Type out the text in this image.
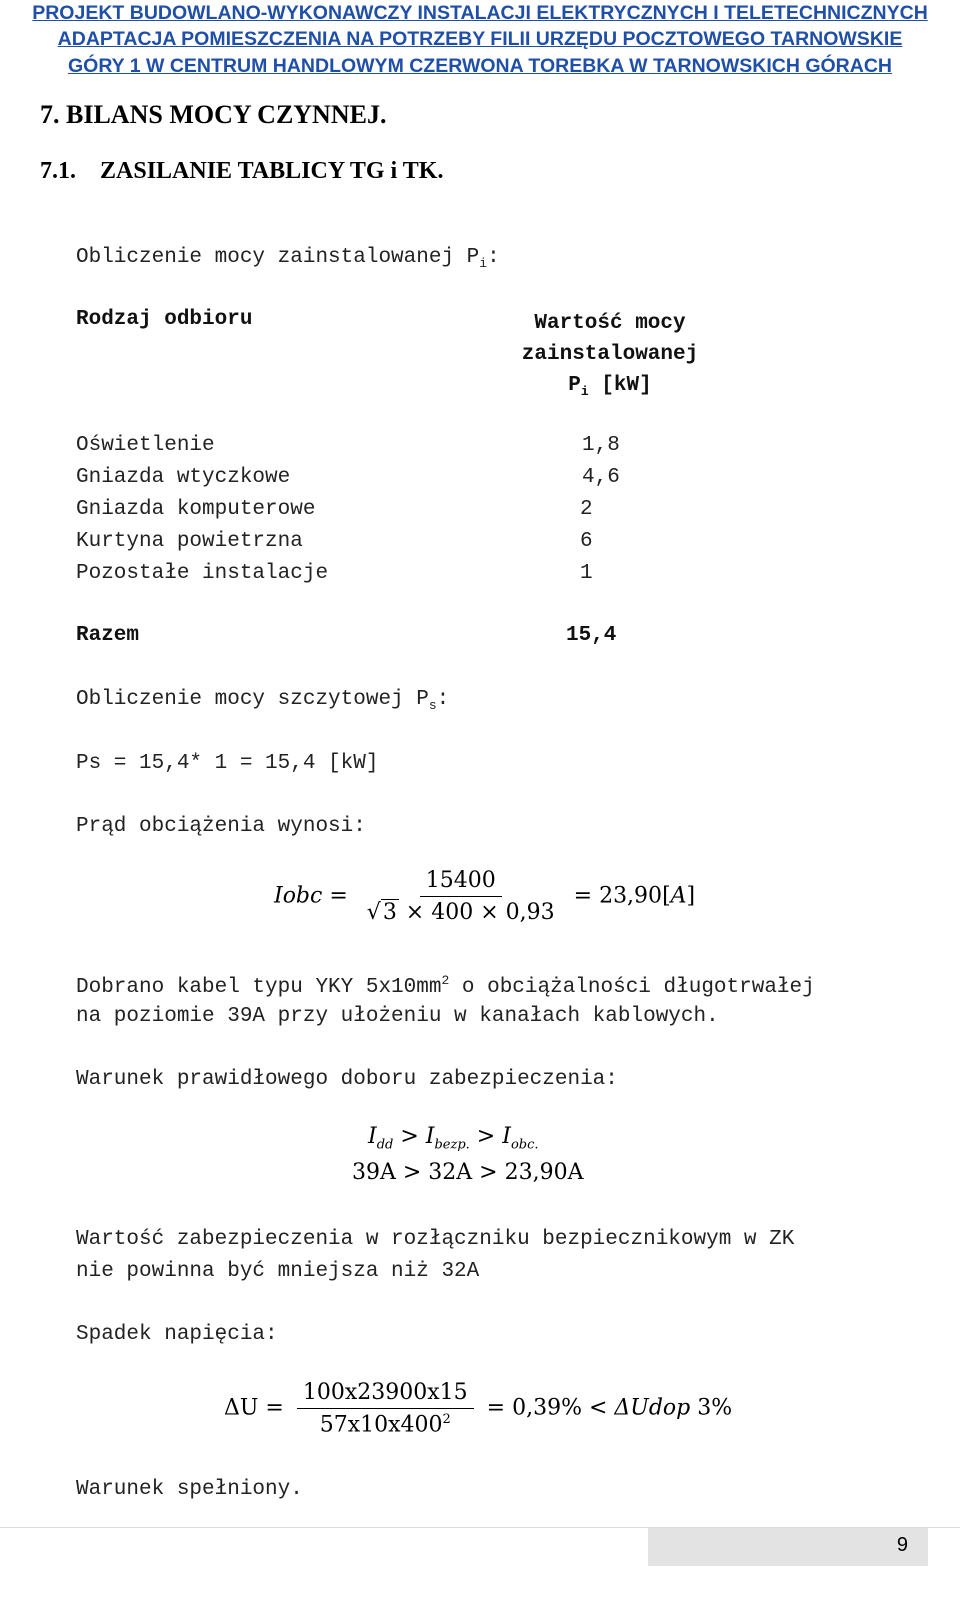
PROJEKT BUDOWLANO-WYKONAWCZY INSTALACJI ELEKTRYCZNYCH I TELETECHNICZNYCH
ADAPTACJA POMIESZCZENIA NA POTRZEBY FILII URZĘDU POCZTOWEGO TARNOWSKIE
GÓRY 1 W CENTRUM HANDLOWYM CZERWONA TOREBKA W TARNOWSKICH GÓRACH
7. BILANS MOCY CZYNNEJ.
7.1.    ZASILANIE TABLICY TG i TK.
Obliczenie mocy zainstalowanej $P_i$:
Rodzaj odbioru	Wartość mocy
zainstalowanej
$P_i$ [kW]
Oświetlenie	1,8
Gniazda wtyczkowe	4,6
Gniazda komputerowe	2
Kurtyna powietrzna	6
Pozostałe instalacje	1
Razem	15,4
Obliczenie mocy szczytowej $P_s$:
Ps = 15,4* 1 = 15,4 [kW]
Prąd obciążenia wynosi:
Iobc = $\frac{15400}{√3 \times 400 \times 0,93} = 23,90[A]$
Dobrano kabel typu YKY $5x10mm^2$ o obciążalności długotrwałej
na poziomie 39A przy ułożeniu w kanałach kablowych.
Warunek prawidłowego doboru zabezpieczenia:
$I_{dd} > I_{bezp.} > I_{obc.}$
39A > 32A > 23,90A
Wartość zabezpieczenia w rozłączniku bezpiecznikowym w ZK
nie powinna być mniejsza niż 32A
Spadek napięcia:
$\Delta U = \frac{100x23900x15}{57x10x400^2} = 0,39\%$ < ΔUdop 3%
Warunek spełniony.
9
